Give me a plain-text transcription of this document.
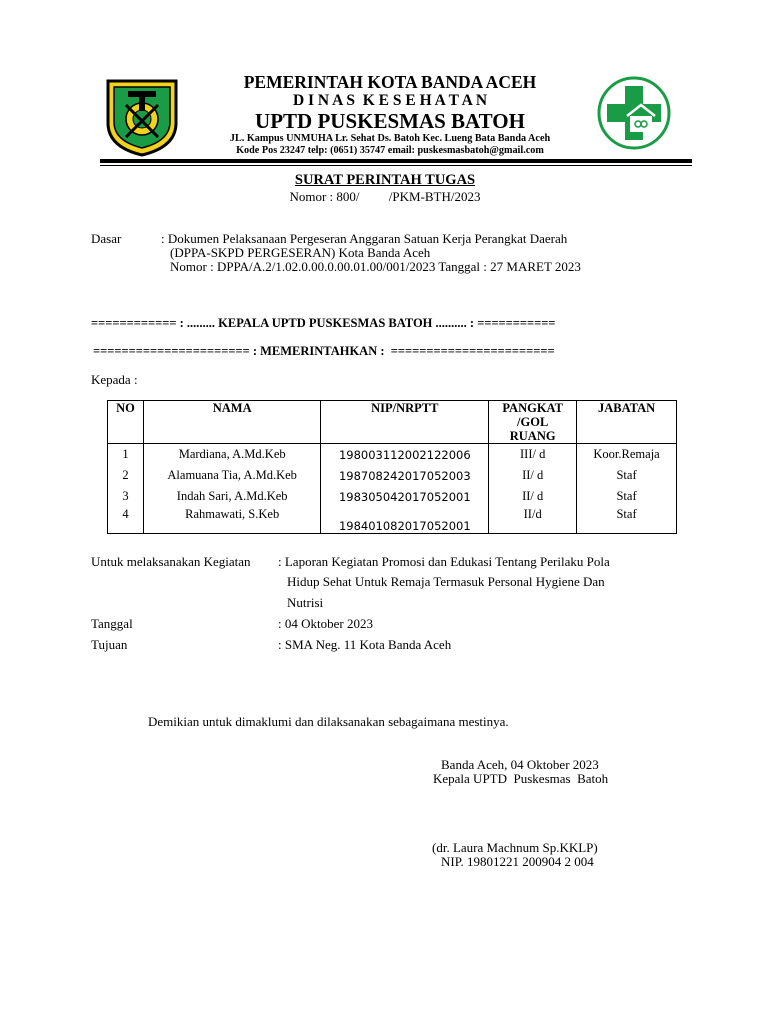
PEMERINTAH KOTA BANDA ACEH
D I N A S  K E S E H A T A N
UPTD PUSKESMAS BATOH
JL. Kampus UNMUHA Lr. Sehat Ds. Batoh Kec. Lueng Bata Banda Aceh
Kode Pos 23247 telp: (0651) 35747 email: puskesmasbatoh@gmail.com
SURAT PERINTAH TUGAS
Nomor : 800/         /PKM-BTH/2023
Dasar	: Dokumen Pelaksanaan Pergeseran Anggaran Satuan Kerja Perangkat Daerah
(DPPA-SKPD PERGESERAN) Kota Banda Aceh
Nomor : DPPA/A.2/1.02.0.00.0.00.01.00/001/2023 Tanggal : 27 MARET 2023
============ : ......... KEPALA UPTD PUSKESMAS BATOH .......... : ===========
====================== : MEMERINTAHKAN :  =======================
Kepada :
NO	NAMA	NIP/NRPTT	PANGKAT
/GOL
RUANG	JABATAN
1	Mardiana, A.Md.Keb	198003112002122006	III/ d	Koor.Remaja
2	Alamuana Tia, A.Md.Keb	198708242017052003	II/ d	Staf
3	Indah Sari, A.Md.Keb	198305042017052001	II/ d	Staf
4	Rahmawati, S.Keb	198401082017052001	II/d	Staf
Untuk melaksanakan Kegiatan : Laporan Kegiatan Promosi dan Edukasi Tentang Perilaku Pola
Hidup Sehat Untuk Remaja Termasuk Personal Hygiene Dan
Nutrisi
Tanggal	: 04 Oktober 2023
Tujuan	: SMA Neg. 11 Kota Banda Aceh
Demikian untuk dimaklumi dan dilaksanakan sebagaimana mestinya.
Banda Aceh, 04 Oktober 2023
Kepala UPTD  Puskesmas  Batoh
(dr. Laura Machnum Sp.KKLP)
NIP. 19801221 200904 2 004
